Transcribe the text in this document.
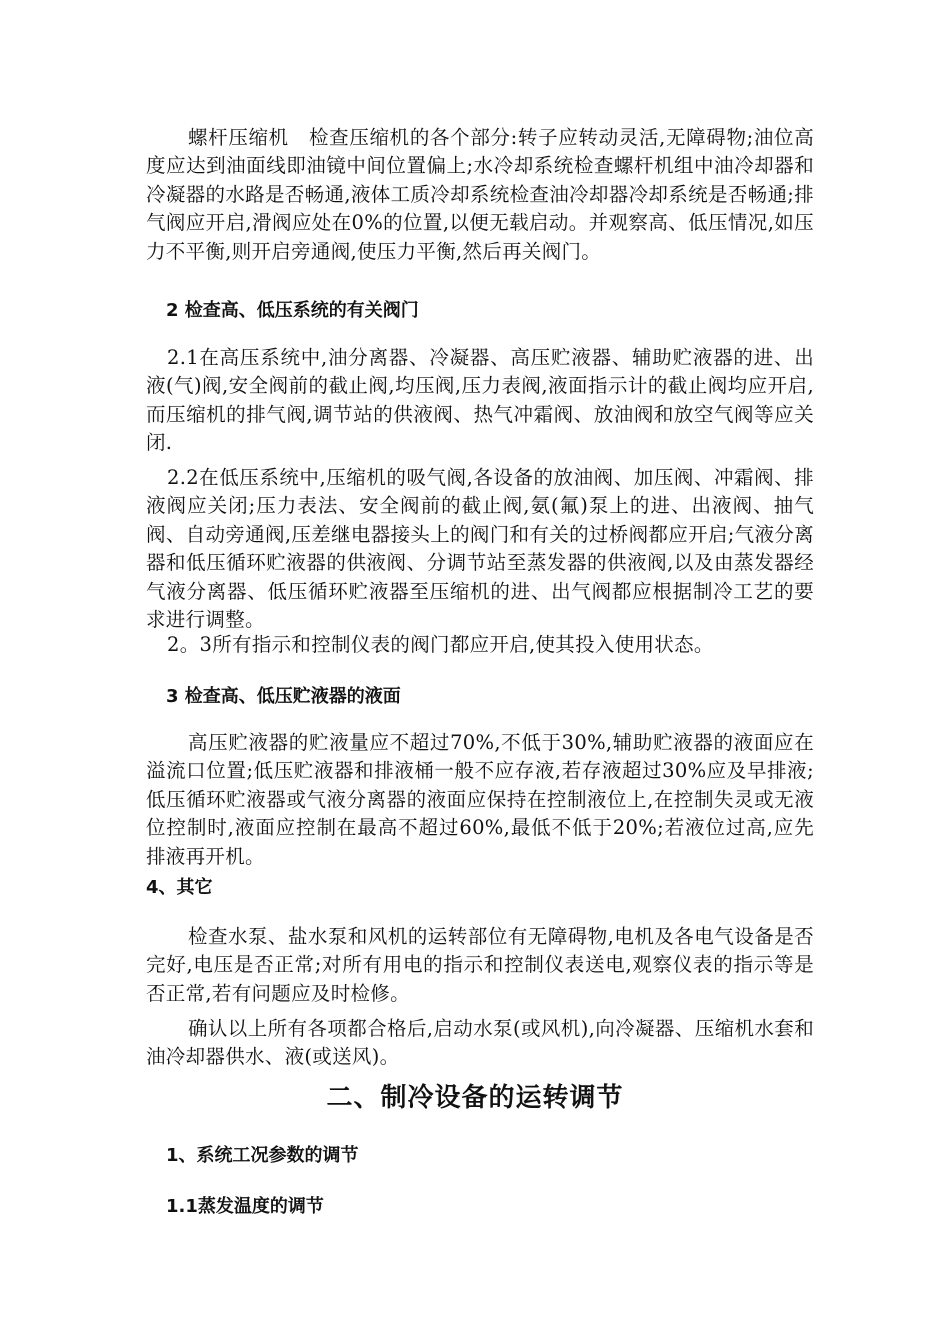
螺杆压缩机　检查压缩机的各个部分:转子应转动灵活,无障碍物;油位高度应达到油面线即油镜中间位置偏上;水冷却系统检查螺杆机组中油冷却器和冷凝器的水路是否畅通,液体工质冷却系统检查油冷却器冷却系统是否畅通;排气阀应开启,滑阀应处在0%的位置,以便无载启动。并观察高、低压情况,如压力不平衡,则开启旁通阀,使压力平衡,然后再关阀门。

2 检查高、低压系统的有关阀门

2.1在高压系统中,油分离器、冷凝器、高压贮液器、辅助贮液器的进、出液(气)阀,安全阀前的截止阀,均压阀,压力表阀,液面指示计的截止阀均应开启,而压缩机的排气阀,调节站的供液阀、热气冲霜阀、放油阀和放空气阀等应关闭.

2.2在低压系统中,压缩机的吸气阀,各设备的放油阀、加压阀、冲霜阀、排液阀应关闭;压力表法、安全阀前的截止阀,氨(氟)泵上的进、出液阀、抽气阀、自动旁通阀,压差继电器接头上的阀门和有关的过桥阀都应开启;气液分离器和低压循环贮液器的供液阀、分调节站至蒸发器的供液阀,以及由蒸发器经气液分离器、低压循环贮液器至压缩机的进、出气阀都应根据制冷工艺的要求进行调整。

2。3所有指示和控制仪表的阀门都应开启,使其投入使用状态。

3 检查高、低压贮液器的液面

高压贮液器的贮液量应不超过70%,不低于30%,辅助贮液器的液面应在溢流口位置;低压贮液器和排液桶一般不应存液,若存液超过30%应及早排液;低压循环贮液器或气液分离器的液面应保持在控制液位上,在控制失灵或无液位控制时,液面应控制在最高不超过60%,最低不低于20%;若液位过高,应先排液再开机。

4、其它

检查水泵、盐水泵和风机的运转部位有无障碍物,电机及各电气设备是否完好,电压是否正常;对所有用电的指示和控制仪表送电,观察仪表的指示等是否正常,若有问题应及时检修。

确认以上所有各项都合格后,启动水泵(或风机),向冷凝器、压缩机水套和油冷却器供水、液(或送风)。

二、制冷设备的运转调节
1、系统工况参数的调节
1.1蒸发温度的调节
